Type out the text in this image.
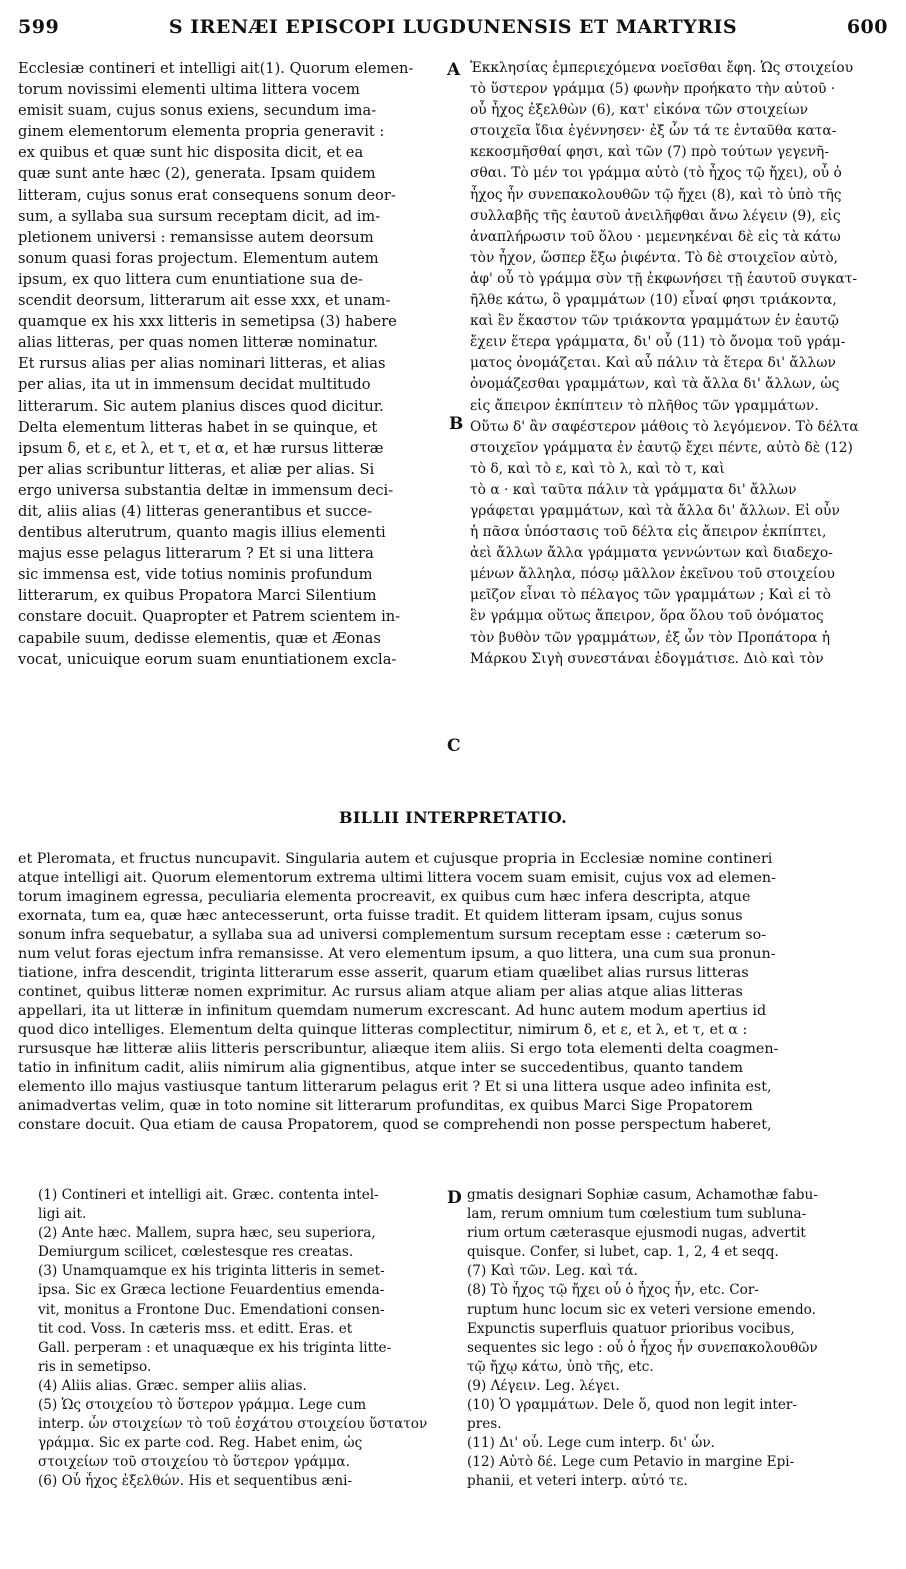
599	S IRENÆI EPISCOPI LUGDUNENSIS ET MARTYRIS	600
Ecclesiæ contineri et intelligi ait(1). Quorum elemen-
torum novissimi elementi ultima littera vocem
emisit suam, cujus sonus exiens, secundum ima-
ginem elementorum elementa propria generavit :
ex quibus et quæ sunt hic disposita dicit, et ea
quæ sunt ante hæc (2), generata. Ipsam quidem
litteram, cujus sonus erat consequens sonum deor-
sum, a syllaba sua sursum receptam dicit, ad im-
pletionem universi : remansisse autem deorsum
sonum quasi foras projectum. Elementum autem
ipsum, ex quo littera cum enuntiatione sua de-
scendit deorsum, litterarum ait esse xxx, et unam-
quamque ex his xxx litteris in semetipsa (3) habere
alias litteras, per quas nomen litteræ nominatur.
Et rursus alias per alias nominari litteras, et alias
per alias, ita ut in immensum decidat multitudo
litterarum. Sic autem planius disces quod dicitur.
Delta elementum litteras habet in se quinque, et
ipsum δ, et ε, et λ, et τ, et α, et hæ rursus litteræ
per alias scribuntur litteras, et aliæ per alias. Si
ergo universa substantia deltæ in immensum deci-
dit, aliis alias (4) litteras generantibus et succe-
dentibus alterutrum, quanto magis illius elementi
majus esse pelagus litterarum ? Et si una littera
sic immensa est, vide totius nominis profundum
litterarum, ex quibus Propatora Marci Silentium
constare docuit. Quapropter et Patrem scientem in-
capabile suum, dedisse elementis, quæ et Æonas
vocat, unicuique eorum suam enuntiationem excla-
Ἐκκλησίας ἐμπεριεχόμενα νοεῖσθαι ἔφη. Ὡς στοιχείου
τὸ ὕστερον γράμμα (5) φωνὴν προήκατο τὴν αὐτοῦ ·
οὗ ἦχος ἐξελθὼν (6), κατ' εἰκόνα τῶν στοιχείων
στοιχεῖα ἴδια ἐγέννησεν· ἐξ ὧν τά τε ἐνταῦθα κατα-
κεκοσμῆσθαί φησι, καὶ τῶν (7) πρὸ τούτων γεγενῆ-
σθαι. Τὸ μέν τοι γράμμα αὐτὸ (τὸ ἦχος τῷ ἤχει), οὗ ὁ
ἦχος ἦν συνεπακολουθῶν τῷ ἤχει (8), καὶ τὸ ὑπὸ τῆς
συλλαβῆς τῆς ἑαυτοῦ ἀνειλῆφθαι ἄνω λέγειν (9), εἰς
ἀναπλήρωσιν τοῦ ὅλου · μεμενηκέναι δὲ εἰς τὰ κάτω
τὸν ἦχον, ὥσπερ ἔξω ῥιφέντα. Τὸ δὲ στοιχεῖον αὐτὸ,
ἀφ' οὗ τὸ γράμμα σὺν τῇ ἐκφωνήσει τῇ ἑαυτοῦ συγκατ-
ῆλθε κάτω, ὃ γραμμάτων (10) εἶναί φησι τριάκοντα,
καὶ ἓν ἕκαστον τῶν τριάκοντα γραμμάτων ἐν ἑαυτῷ
ἔχειν ἕτερα γράμματα, δι' οὗ (11) τὸ ὄνομα τοῦ γράμ-
ματος ὀνομάζεται. Καὶ αὖ πάλιν τὰ ἕτερα δι' ἄλλων
ὀνομάζεσθαι γραμμάτων, καὶ τὰ ἄλλα δι' ἄλλων, ὡς
εἰς ἄπειρον ἐκπίπτειν τὸ πλῆθος τῶν γραμμάτων.
Οὕτω δ' ἂν σαφέστερον μάθοις τὸ λεγόμενον. Τὸ δέλτα
στοιχεῖον γράμματα ἐν ἑαυτῷ ἔχει πέντε, αὐτὸ δὲ (12)
τὸ δ, καὶ τὸ ε, καὶ τὸ λ, καὶ τὸ τ, καὶ
τὸ α · καὶ ταῦτα πάλιν τὰ γράμματα δι' ἄλλων
γράφεται γραμμάτων, καὶ τὰ ἄλλα δι' ἄλλων. Εἰ οὖν
ἡ πᾶσα ὑπόστασις τοῦ δέλτα εἰς ἄπειρον ἐκπίπτει,
ἀεὶ ἄλλων ἄλλα γράμματα γεννώντων καὶ διαδεχο-
μένων ἄλληλα, πόσῳ μᾶλλον ἐκεῖνου τοῦ στοιχείου
μεῖζον εἶναι τὸ πέλαγος τῶν γραμμάτων ; Καὶ εἰ τὸ
ἓν γράμμα οὕτως ἄπειρον, ὅρα ὅλου τοῦ ὀνόματος
τὸν βυθὸν τῶν γραμμάτων, ἐξ ὧν τὸν Προπάτορα ἡ
Μάρκου Σιγὴ συνεστάναι ἐδογμάτισε. Διὸ καὶ τὸν
A
B
C
BILLII INTERPRETATIO.
et Pleromata, et fructus nuncupavit. Singularia autem et cujusque propria in Ecclesiæ nomine contineri
atque intelligi ait. Quorum elementorum extrema ultimi littera vocem suam emisit, cujus vox ad elemen-
torum imaginem egressa, peculiaria elementa procreavit, ex quibus cum hæc infera descripta, atque
exornata, tum ea, quæ hæc antecesserunt, orta fuisse tradit. Et quidem litteram ipsam, cujus sonus
sonum infra sequebatur, a syllaba sua ad universi complementum sursum receptam esse : cæterum so-
num velut foras ejectum infra remansisse. At vero elementum ipsum, a quo littera, una cum sua pronun-
tiatione, infra descendit, triginta litterarum esse asserit, quarum etiam quælibet alias rursus litteras
continet, quibus litteræ nomen exprimitur. Ac rursus aliam atque aliam per alias atque alias litteras
appellari, ita ut litteræ in infinitum quemdam numerum excrescant. Ad hunc autem modum apertius id
quod dico intelliges. Elementum delta quinque litteras complectitur, nimirum δ, et ε, et λ, et τ, et α :
rursusque hæ litteræ aliis litteris perscribuntur, aliæque item aliis. Si ergo tota elementi delta coagmen-
tatio in infinitum cadit, aliis nimirum alia gignentibus, atque inter se succedentibus, quanto tandem
elemento illo majus vastiusque tantum litterarum pelagus erit ? Et si una littera usque adeo infinita est,
animadvertas velim, quæ in toto nomine sit litterarum profunditas, ex quibus Marci Sige Propatorem
constare docuit. Qua etiam de causa Propatorem, quod se comprehendi non posse perspectum haberet,
D
(1) Contineri et intelligi ait. Græc. contenta intel-
ligi ait.
(2) Ante hæc. Mallem, supra hæc, seu superiora,
Demiurgum scilicet, cœlestesque res creatas.
(3) Unamquamque ex his triginta litteris in semet-
ipsa. Sic ex Græca lectione Feuardentius emenda-
vit, monitus a Frontone Duc. Emendationi consen-
tit cod. Voss. In cæteris mss. et editt. Eras. et
Gall. perperam : et unaquæque ex his triginta litte-
ris in semetipso.
(4) Aliis alias. Græc. semper aliis alias.
(5) Ὡς στοιχείου τὸ ὕστερον γράμμα. Lege cum
interp. ὧν στοιχείων τὸ τοῦ ἐσχάτου στοιχείου ὕστατον
γράμμα. Sic ex parte cod. Reg. Habet enim, ὡς
στοιχείων τοῦ στοιχείου τὸ ὕστερον γράμμα.
(6) Οὗ ἦχος ἐξελθών. His et sequentibus æni-
gmatis designari Sophiæ casum, Achamothæ fabu-
lam, rerum omnium tum cœlestium tum subluna-
rium ortum cæterasque ejusmodi nugas, advertit
quisque. Confer, si lubet, cap. 1, 2, 4 et seqq.
(7) Καὶ τῶν. Leg. καὶ τά.
(8) Τὸ ἦχος τῷ ἤχει οὗ ὁ ἦχος ἦν, etc. Cor-
ruptum hunc locum sic ex veteri versione emendo.
Expunctis superfluis quatuor prioribus vocibus,
sequentes sic lego : οὗ ὁ ἦχος ἦν συνεπακολουθῶν
τῷ ἤχῳ κάτω, ὑπὸ τῆς, etc.
(9) Λέγειν. Leg. λέγει.
(10) Ὁ γραμμάτων. Dele ὅ, quod non legit inter-
pres.
(11) Δι' οὗ. Lege cum interp. δι' ὧν.
(12) Αὐτὸ δέ. Lege cum Petavio in margine Epi-
phanii, et veteri interp. αὐτό τε.
